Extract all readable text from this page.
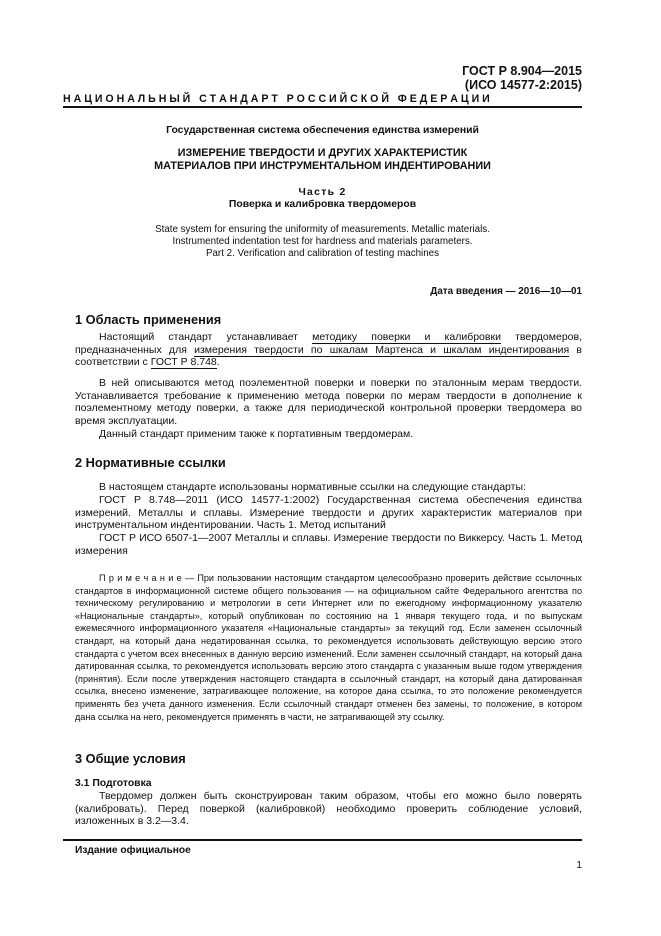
ГОСТ Р 8.904—2015
(ИСО 14577-2:2015)
Н А Ц И О Н А Л Ь Н Ы Й   С Т А Н Д А Р Т   Р О С С И Й С К О Й   Ф Е Д Е Р А Ц И И
Государственная система обеспечения единства измерений
ИЗМЕРЕНИЕ ТВЕРДОСТИ И ДРУГИХ ХАРАКТЕРИСТИК
МАТЕРИАЛОВ ПРИ ИНСТРУМЕНТАЛЬНОМ ИНДЕНТИРОВАНИИ
Часть 2
Поверка и калибровка твердомеров
State system for ensuring the uniformity of measurements. Metallic materials.
Instrumented indentation test for hardness and materials parameters.
Part 2. Verification and calibration of testing machines
Дата введения — 2016—10—01
1 Область применения
Настоящий стандарт устанавливает методику поверки и калибровки твердомеров, предназначенных для измерения твердости по шкалам Мартенса и шкалам индентирования в соответствии с ГОСТ Р 8.748.
В ней описываются метод поэлементной поверки и поверки по эталонным мерам твердости. Устанавливается требование к применению метода поверки по мерам твердости в дополнение к поэлементному методу поверки, а также для периодической контрольной проверки твердомера во время эксплуатации.
Данный стандарт применим также к портативным твердомерам.
2 Нормативные ссылки
В настоящем стандарте использованы нормативные ссылки на следующие стандарты:
ГОСТ Р 8.748—2011 (ИСО 14577-1:2002) Государственная система обеспечения единства измерений. Металлы и сплавы. Измерение твердости и других характеристик материалов при инструментальном индентировании. Часть 1. Метод испытаний
ГОСТ Р ИСО 6507-1—2007 Металлы и сплавы. Измерение твердости по Виккерсу. Часть 1. Метод измерения
П р и м е ч а н и е — При пользовании настоящим стандартом целесообразно проверить действие ссылочных стандартов в информационной системе общего пользования — на официальном сайте Федерального агентства по техническому регулированию и метрологии в сети Интернет или по ежегодному информационному указателю «Национальные стандарты», который опубликован по состоянию на 1 января текущего года, и по выпускам ежемесячного информационного указателя «Национальные стандарты» за текущий год. Если заменен ссылочный стандарт, на который дана недатированная ссылка, то рекомендуется использовать действующую версию этого стандарта с учетом всех внесенных в данную версию изменений. Если заменен ссылочный стандарт, на который дана датированная ссылка, то рекомендуется использовать версию этого стандарта с указанным выше годом утверждения (принятия). Если после утверждения настоящего стандарта в ссылочный стандарт, на который дана датированная ссылка, внесено изменение, затрагивающее положение, на которое дана ссылка, то это положение рекомендуется применять без учета данного изменения. Если ссылочный стандарт отменен без замены, то положение, в котором дана ссылка на него, рекомендуется применять в части, не затрагивающей эту ссылку.
3 Общие условия
3.1 Подготовка
Твердомер должен быть сконструирован таким образом, чтобы его можно было поверять (калибровать). Перед поверкой (калибровкой) необходимо проверить соблюдение условий, изложенных в 3.2—3.4.
Издание официальное
1
